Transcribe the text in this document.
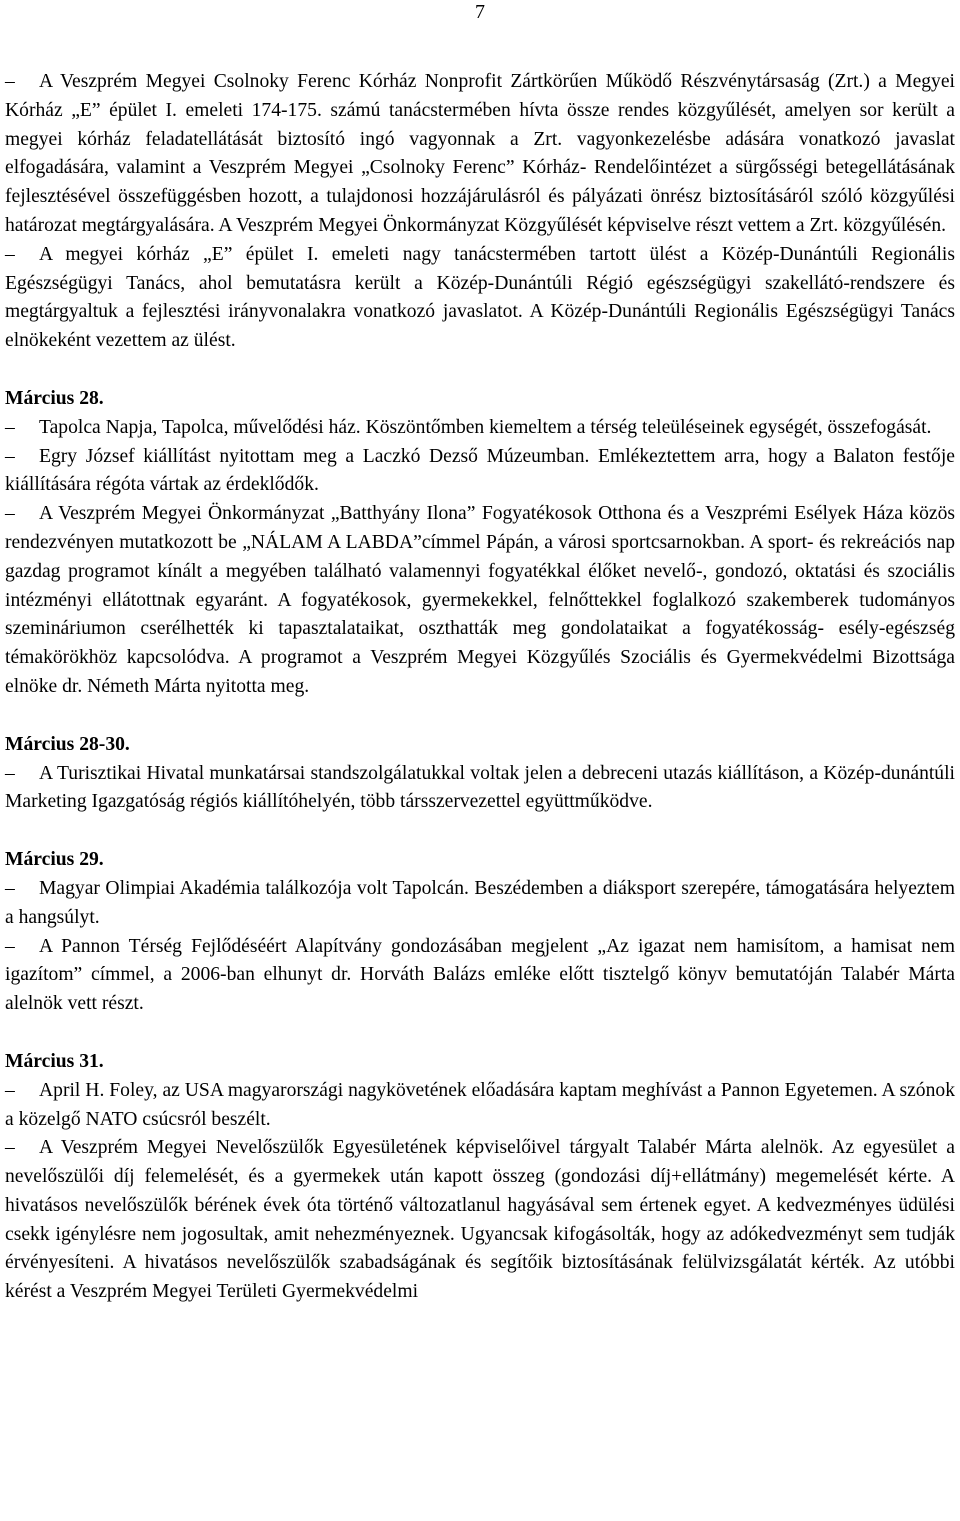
7

– A Veszprém Megyei Csolnoky Ferenc Kórház Nonprofit Zártkörűen Működő Részvénytársaság (Zrt.) a Megyei Kórház „E” épület I. emeleti 174-175. számú tanácstermében hívta össze rendes közgyűlését, amelyen sor került a megyei kórház feladatellátását biztosító ingó vagyonnak a Zrt. vagyonkezelésbe adására vonatkozó javaslat elfogadására, valamint a Veszprém Megyei „Csolnoky Ferenc” Kórház- Rendelőintézet a sürgősségi betegellátásának fejlesztésével összefüggésben hozott, a tulajdonosi hozzájárulásról és pályázati önrész biztosításáról szóló közgyűlési határozat megtárgyalására. A Veszprém Megyei Önkormányzat Közgyűlését képviselve részt vettem a Zrt. közgyűlésén.

– A megyei kórház „E” épület I. emeleti nagy tanácstermében tartott ülést a Közép-Dunántúli Regionális Egészségügyi Tanács, ahol bemutatásra került a Közép-Dunántúli Régió egészségügyi szakellátó-rendszere és megtárgyaltuk a fejlesztési irányvonalakra vonatkozó javaslatot. A Közép-Dunántúli Regionális Egészségügyi Tanács elnökeként vezettem az ülést.

Március 28.

– Tapolca Napja, Tapolca, művelődési ház. Köszöntőmben kiemeltem a térség teleüléseinek egységét, összefogását.

– Egry József kiállítást nyitottam meg a Laczkó Dezső Múzeumban. Emlékeztettem arra, hogy a Balaton festője kiállítására régóta vártak az érdeklődők.

– A Veszprém Megyei Önkormányzat „Batthyány Ilona” Fogyatékosok Otthona és a Veszprémi Esélyek Háza közös rendezvényen mutatkozott be „NÁLAM A LABDA”címmel Pápán, a városi sportcsarnokban. A sport- és rekreációs nap gazdag programot kínált a megyében található valamennyi fogyatékkal élőket nevelő-, gondozó, oktatási és szociális intézményi ellátottnak egyaránt. A fogyatékosok, gyermekekkel, felnőttekkel foglalkozó szakemberek tudományos szemináriumon cserélhették ki tapasztalataikat, oszthatták meg gondolataikat a fogyatékosság- esély-egészség témakörökhöz kapcsolódva. A programot a Veszprém Megyei Közgyűlés Szociális és Gyermekvédelmi Bizottsága elnöke dr. Németh Márta nyitotta meg.

Március 28-30.

– A Turisztikai Hivatal munkatársai standszolgálatukkal voltak jelen a debreceni utazás kiállításon, a Közép-dunántúli Marketing Igazgatóság régiós kiállítóhelyén, több társszervezettel együttműködve.

Március 29.

– Magyar Olimpiai Akadémia találkozója volt Tapolcán. Beszédemben a diáksport szerepére, támogatására helyeztem a hangsúlyt.

– A Pannon Térség Fejlődéséért Alapítvány gondozásában megjelent „Az igazat nem hamisítom, a hamisat nem igazítom” címmel, a 2006-ban elhunyt dr. Horváth Balázs emléke előtt tisztelgő könyv bemutatóján Talabér Márta alelnök vett részt.

Március 31.

– April H. Foley, az USA magyarországi nagykövetének előadására kaptam meghívást a Pannon Egyetemen. A szónok a közelgő NATO csúcsról beszélt.

– A Veszprém Megyei Nevelőszülők Egyesületének képviselőivel tárgyalt Talabér Márta alelnök. Az egyesület a nevelőszülői díj felemelését, és a gyermekek után kapott összeg (gondozási díj+ellátmány) megemelését kérte. A hivatásos nevelőszülők bérének évek óta történő változatlanul hagyásával sem értenek egyet. A kedvezményes üdülési csekk igénylésre nem jogosultak, amit nehezményeznek. Ugyancsak kifogásolták, hogy az adókedvezményt sem tudják érvényesíteni. A hivatásos nevelőszülők szabadságának és segítőik biztosításának felülvizsgálatát kérték. Az utóbbi kérést a Veszprém Megyei Területi Gyermekvédelmi
